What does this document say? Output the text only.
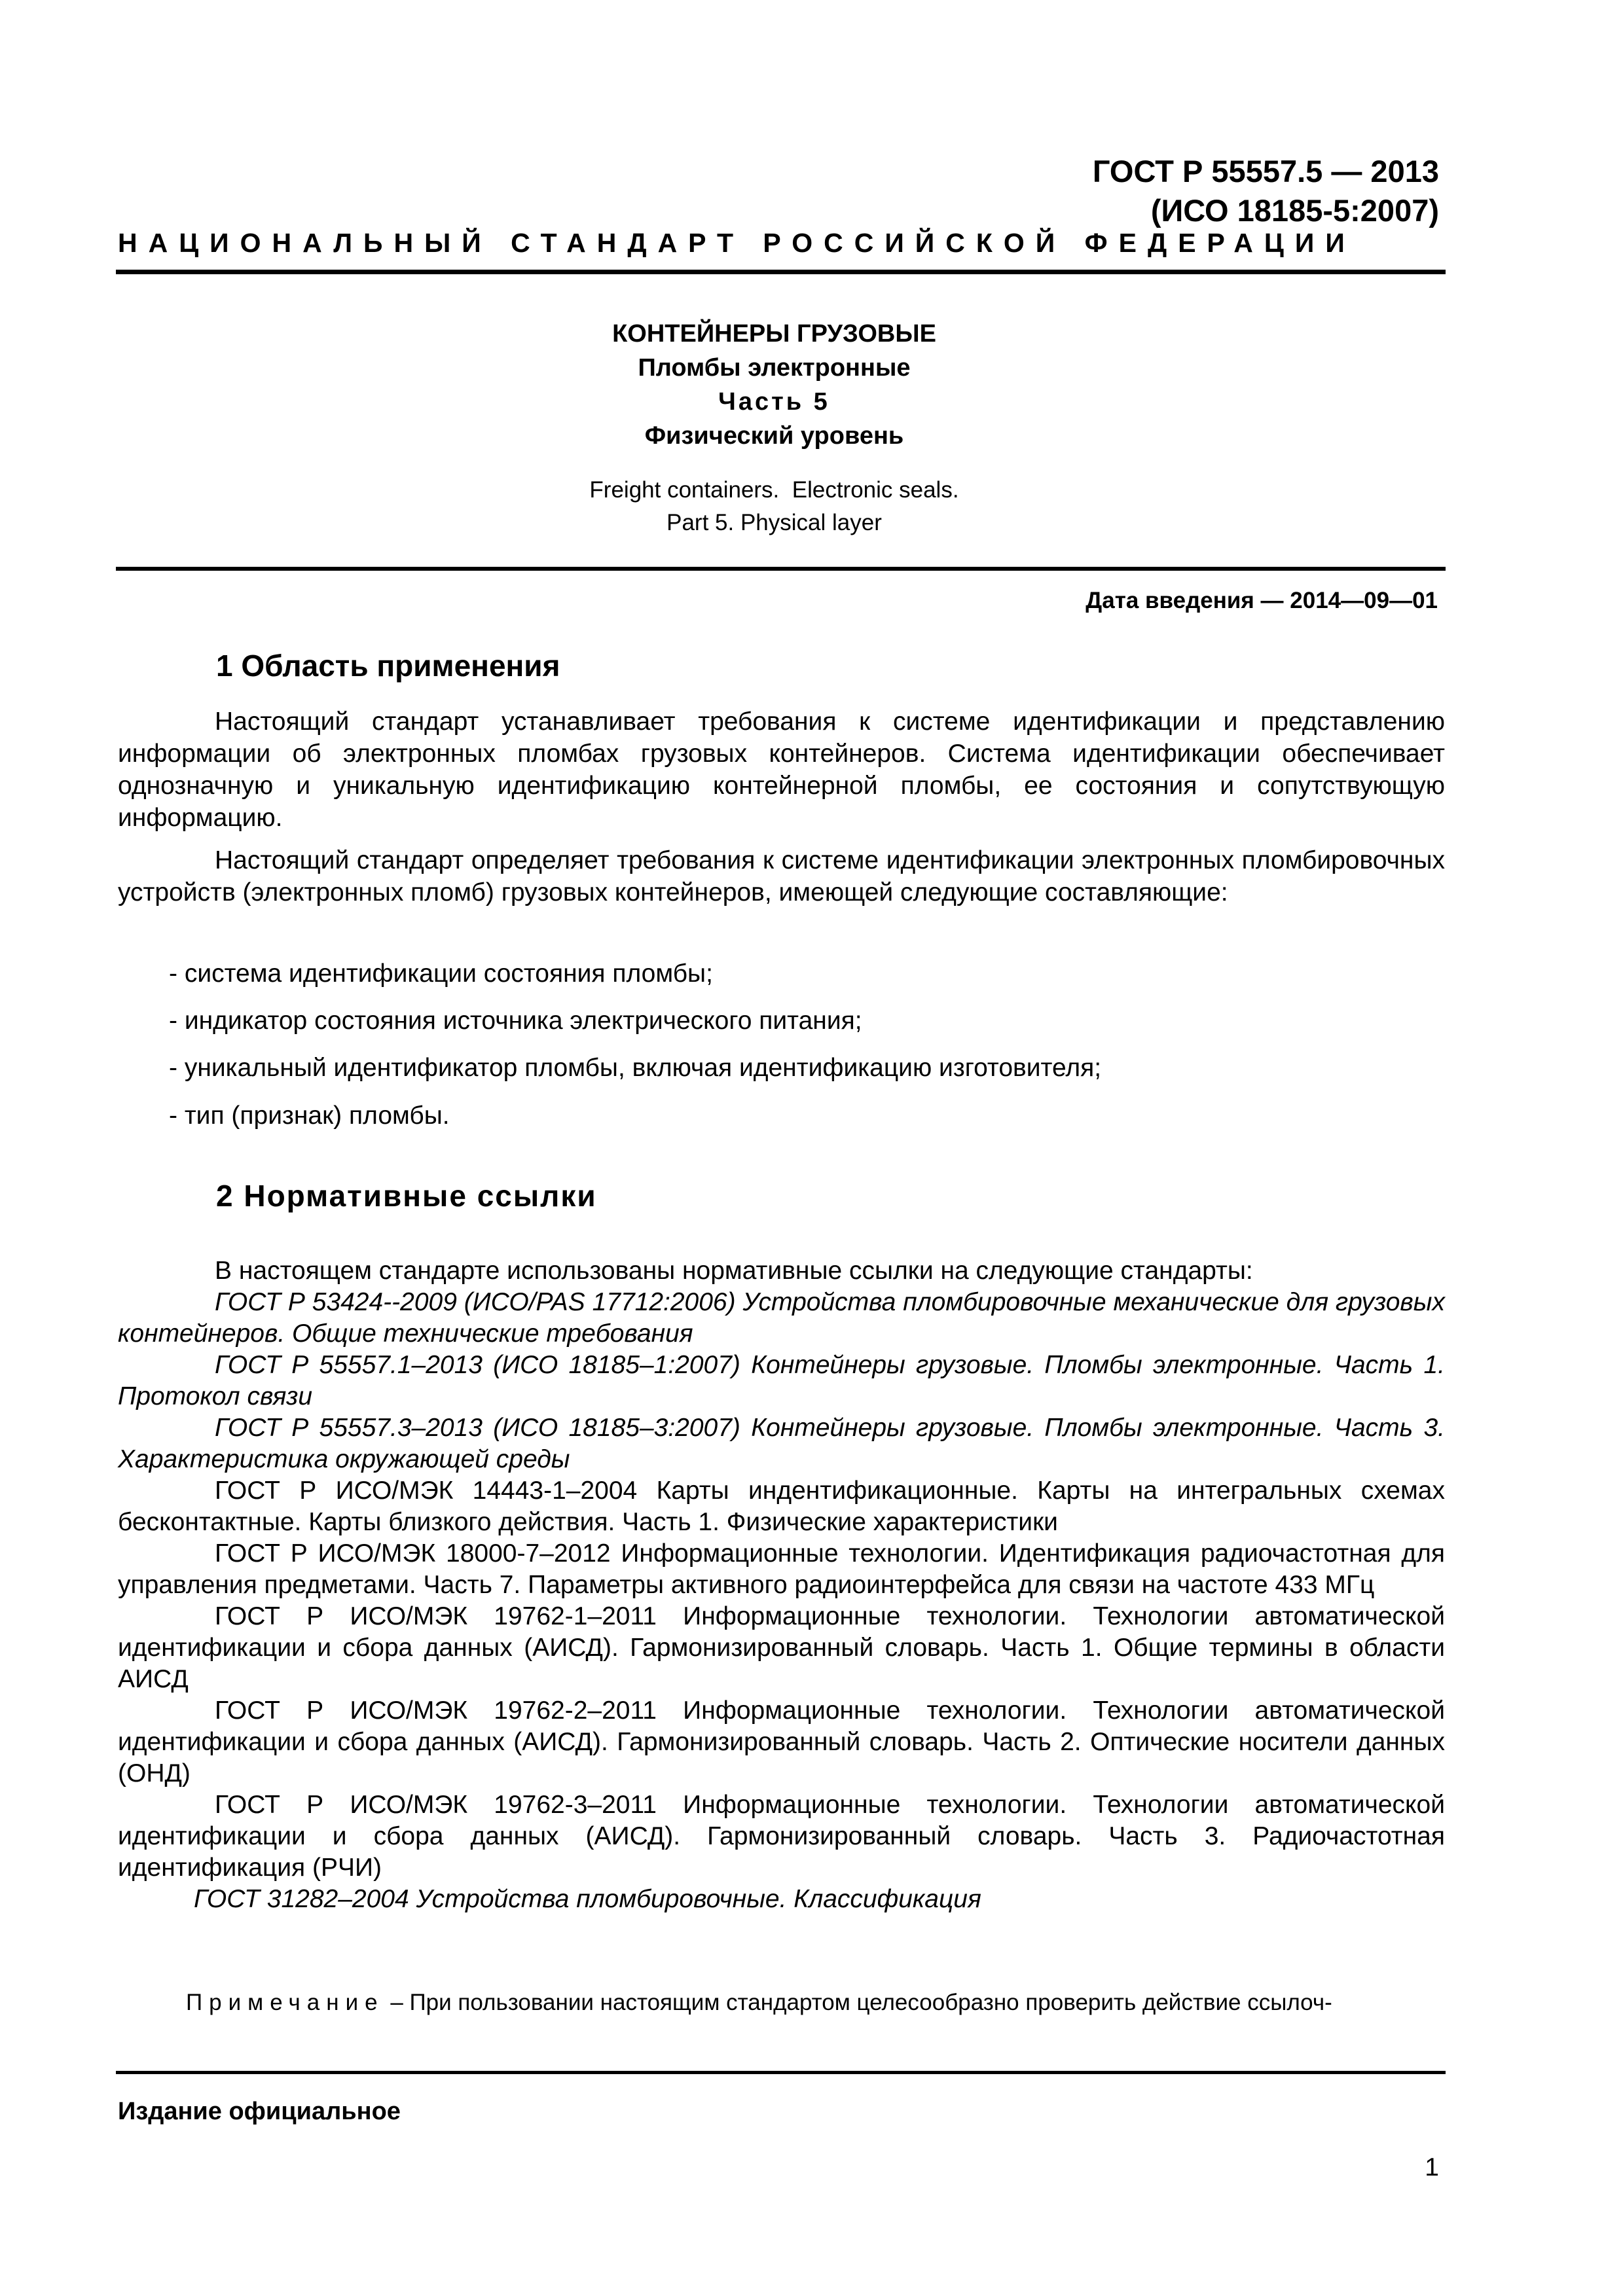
ГОСТ Р 55557.5 — 2013
(ИСО 18185-5:2007)
НАЦИОНАЛЬНЫЙ СТАНДАРТ РОССИЙСКОЙ ФЕДЕРАЦИИ
КОНТЕЙНЕРЫ ГРУЗОВЫЕ
Пломбы электронные
Часть 5
Физический уровень
Freight containers.  Electronic seals.
Part 5. Physical layer
Дата введения — 2014—09—01
1 Область применения

Настоящий стандарт устанавливает требования к системе идентификации и представлению информации об электронных пломбах грузовых контейнеров. Система идентификации обеспечивает однозначную и уникальную идентификацию контейнерной пломбы, ее состояния и сопутствующую информацию.

Настоящий стандарт определяет требования к системе идентификации электронных пломбировочных устройств (электронных пломб) грузовых контейнеров, имеющей следующие составляющие:

- система идентификации состояния пломбы;
- индикатор состояния источника электрического питания;
- уникальный идентификатор пломбы, включая идентификацию изготовителя;
- тип (признак) пломбы.
2 Нормативные ссылки

В настоящем стандарте использованы нормативные ссылки на следующие стандарты:

ГОСТ Р 53424--2009 (ИСО/PAS 17712:2006) Устройства пломбировочные механические для грузовых контейнеров. Общие технические требования

ГОСТ Р 55557.1–2013 (ИСО 18185–1:2007) Контейнеры грузовые. Пломбы электронные. Часть 1. Протокол связи

ГОСТ Р 55557.3–2013 (ИСО 18185–3:2007) Контейнеры грузовые. Пломбы электронные. Часть 3. Характеристика окружающей среды

ГОСТ Р ИСО/МЭК 14443-1–2004 Карты индентификационные. Карты на интегральных схемах бесконтактные. Карты близкого действия. Часть 1. Физические характеристики

ГОСТ Р ИСО/МЭК 18000-7–2012 Информационные технологии. Идентификация радиочастотная для управления предметами. Часть 7. Параметры активного радиоинтерфейса для связи на частоте 433 МГц

ГОСТ Р ИСО/МЭК 19762-1–2011 Информационные технологии. Технологии автоматической идентификации и сбора данных (АИСД). Гармонизированный словарь. Часть 1. Общие термины в области АИСД

ГОСТ Р ИСО/МЭК 19762-2–2011 Информационные технологии. Технологии автоматической идентификации и сбора данных (АИСД). Гармонизированный словарь. Часть 2. Оптические носители данных (ОНД)

ГОСТ Р ИСО/МЭК 19762-3–2011 Информационные технологии. Технологии автоматической идентификации и сбора данных (АИСД). Гармонизированный словарь. Часть 3. Радиочастотная идентификация (РЧИ)

ГОСТ 31282–2004 Устройства пломбировочные. Классификация

Примечание – При пользовании настоящим стандартом целесообразно проверить действие ссылоч-
Издание официальное
1
